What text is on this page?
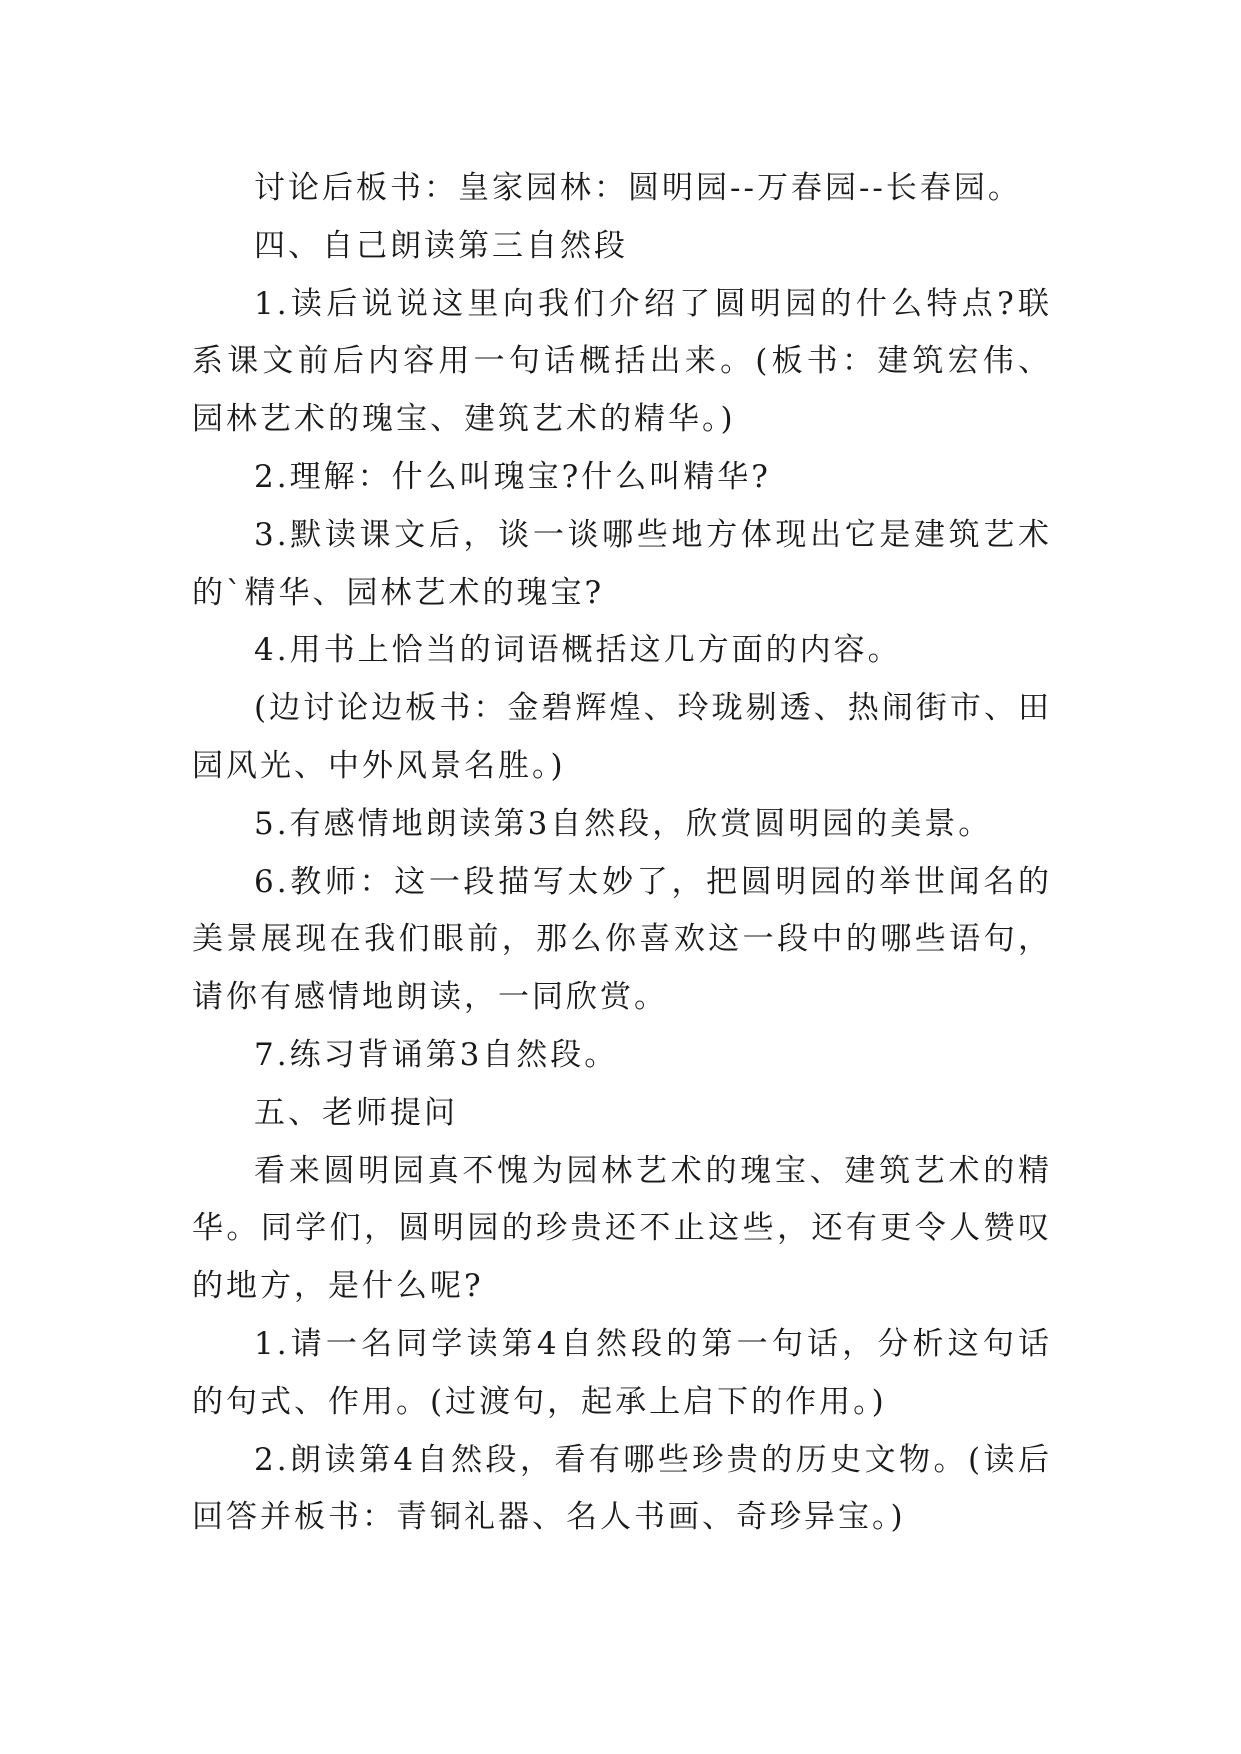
讨论后板书：皇家园林：圆明园--万春园--长春园。

四、自己朗读第三自然段

1.读后说说这里向我们介绍了圆明园的什么特点?联系课文前后内容用一句话概括出来。(板书：建筑宏伟、园林艺术的瑰宝、建筑艺术的精华。)

2.理解：什么叫瑰宝?什么叫精华?

3.默读课文后，谈一谈哪些地方体现出它是建筑艺术的`精华、园林艺术的瑰宝?

4.用书上恰当的词语概括这几方面的内容。

(边讨论边板书：金碧辉煌、玲珑剔透、热闹街市、田园风光、中外风景名胜。)

5.有感情地朗读第3自然段，欣赏圆明园的美景。

6.教师：这一段描写太妙了，把圆明园的举世闻名的美景展现在我们眼前，那么你喜欢这一段中的哪些语句，请你有感情地朗读，一同欣赏。

7.练习背诵第3自然段。

五、老师提问

看来圆明园真不愧为园林艺术的瑰宝、建筑艺术的精华。同学们，圆明园的珍贵还不止这些，还有更令人赞叹的地方，是什么呢?

1.请一名同学读第4自然段的第一句话，分析这句话的句式、作用。(过渡句，起承上启下的作用。)

2.朗读第4自然段，看有哪些珍贵的历史文物。(读后回答并板书：青铜礼器、名人书画、奇珍异宝。)
